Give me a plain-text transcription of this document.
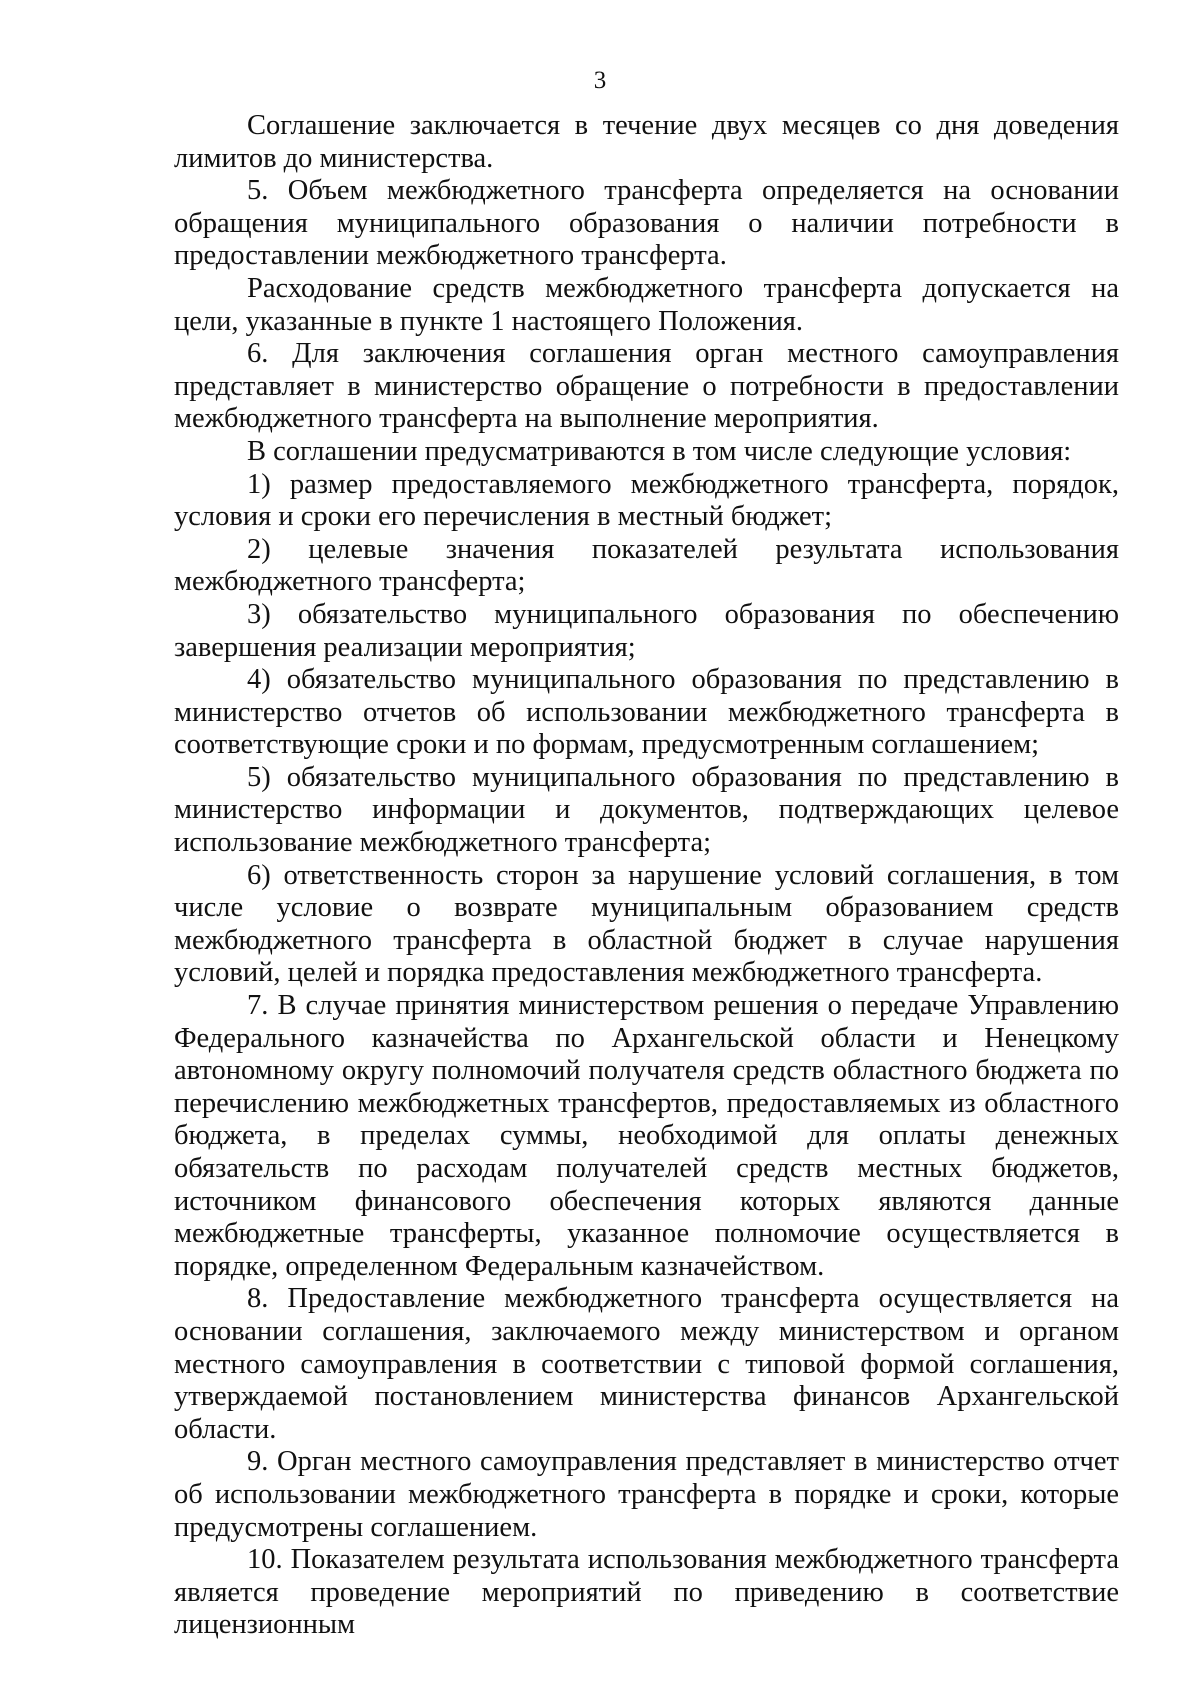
3

Соглашение заключается в течение двух месяцев со дня доведения лимитов до министерства.

5. Объем межбюджетного трансферта определяется на основании обращения муниципального образования о наличии потребности в предоставлении межбюджетного трансферта.

Расходование средств межбюджетного трансферта допускается на цели, указанные в пункте 1 настоящего Положения.

6. Для заключения соглашения орган местного самоуправления представляет в министерство обращение о потребности в предоставлении межбюджетного трансферта на выполнение мероприятия.

В соглашении предусматриваются в том числе следующие условия:

1) размер предоставляемого межбюджетного трансферта, порядок, условия и сроки его перечисления в местный бюджет;

2) целевые значения показателей результата использования межбюджетного трансферта;

3) обязательство муниципального образования по обеспечению завершения реализации мероприятия;

4) обязательство муниципального образования по представлению в министерство отчетов об использовании межбюджетного трансферта в соответствующие сроки и по формам, предусмотренным соглашением;

5) обязательство муниципального образования по представлению в министерство информации и документов, подтверждающих целевое использование межбюджетного трансферта;

6) ответственность сторон за нарушение условий соглашения, в том числе условие о возврате муниципальным образованием средств межбюджетного трансферта в областной бюджет в случае нарушения условий, целей и порядка предоставления межбюджетного трансферта.

7. В случае принятия министерством решения о передаче Управлению Федерального казначейства по Архангельской области и Ненецкому автономному округу полномочий получателя средств областного бюджета по перечислению межбюджетных трансфертов, предоставляемых из областного бюджета, в пределах суммы, необходимой для оплаты денежных обязательств по расходам получателей средств местных бюджетов, источником финансового обеспечения которых являются данные межбюджетные трансферты, указанное полномочие осуществляется в порядке, определенном Федеральным казначейством.

8. Предоставление межбюджетного трансферта осуществляется на основании соглашения, заключаемого между министерством и органом местного самоуправления в соответствии с типовой формой соглашения, утверждаемой постановлением министерства финансов Архангельской области.

9. Орган местного самоуправления представляет в министерство отчет об использовании межбюджетного трансферта в порядке и сроки, которые предусмотрены соглашением.

10. Показателем результата использования межбюджетного трансферта является проведение мероприятий по приведению в соответствие лицензионным
